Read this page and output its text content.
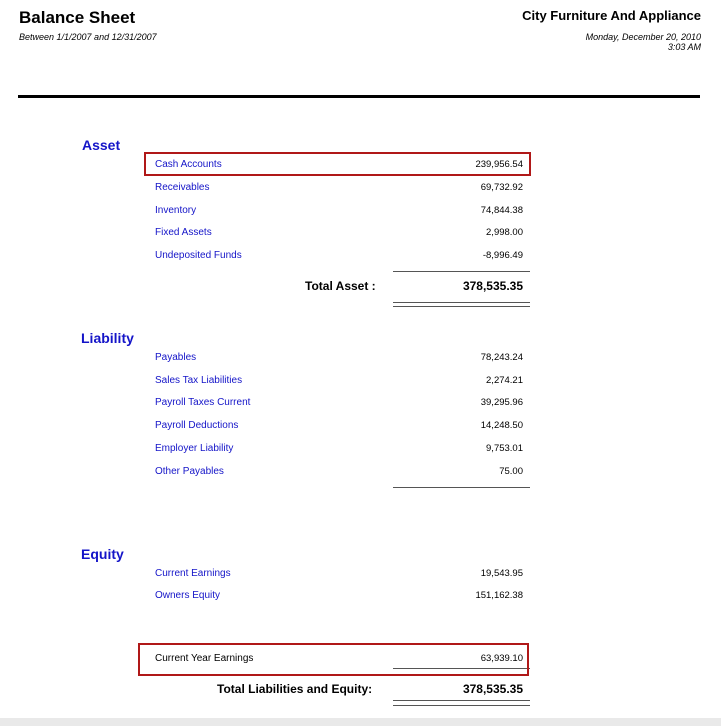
Balance Sheet
Between 1/1/2007 and 12/31/2007
City Furniture And Appliance
Monday, December 20, 2010
3:03 AM
Asset
Cash Accounts	239,956.54
Receivables	69,732.92
Inventory	74,844.38
Fixed Assets	2,998.00
Undeposited Funds	-8,996.49
Total Asset :	378,535.35
Liability
Payables	78,243.24
Sales Tax Liabilities	2,274.21
Payroll Taxes Current	39,295.96
Payroll Deductions	14,248.50
Employer Liability	9,753.01
Other Payables	75.00
Equity
Current Earnings	19,543.95
Owners Equity	151,162.38
Current Year Earnings	63,939.10
Total Liabilities and Equity:	378,535.35
